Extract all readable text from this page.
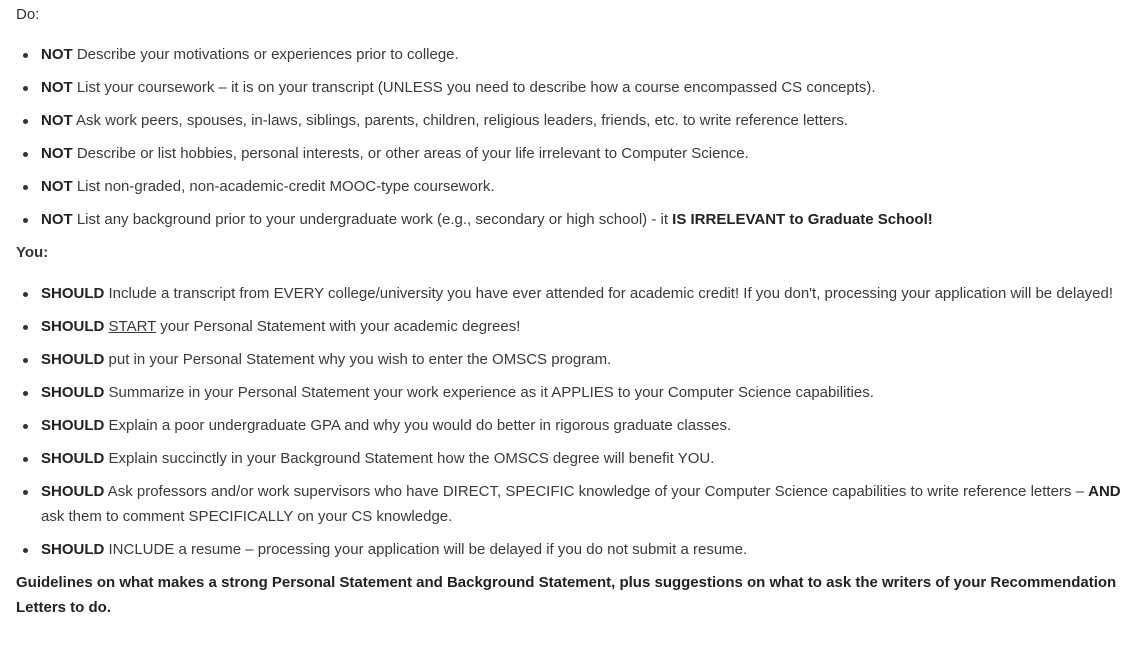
Do:

NOT Describe your motivations or experiences prior to college.
NOT List your coursework – it is on your transcript (UNLESS you need to describe how a course encompassed CS concepts).
NOT Ask work peers, spouses, in-laws, siblings, parents, children, religious leaders, friends, etc. to write reference letters.
NOT Describe or list hobbies, personal interests, or other areas of your life irrelevant to Computer Science.
NOT List non-graded, non-academic-credit MOOC-type coursework.
NOT List any background prior to your undergraduate work (e.g., secondary or high school) - it IS IRRELEVANT to Graduate School!

You:

SHOULD Include a transcript from EVERY college/university you have ever attended for academic credit! If you don't, processing your application will be delayed!
SHOULD START your Personal Statement with your academic degrees!
SHOULD put in your Personal Statement why you wish to enter the OMSCS program.
SHOULD Summarize in your Personal Statement your work experience as it APPLIES to your Computer Science capabilities.
SHOULD Explain a poor undergraduate GPA and why you would do better in rigorous graduate classes.
SHOULD Explain succinctly in your Background Statement how the OMSCS degree will benefit YOU.
SHOULD Ask professors and/or work supervisors who have DIRECT, SPECIFIC knowledge of your Computer Science capabilities to write reference letters – AND ask them to comment SPECIFICALLY on your CS knowledge.
SHOULD INCLUDE a resume – processing your application will be delayed if you do not submit a resume.

Guidelines on what makes a strong Personal Statement and Background Statement, plus suggestions on what to ask the writers of your Recommendation Letters to do.
